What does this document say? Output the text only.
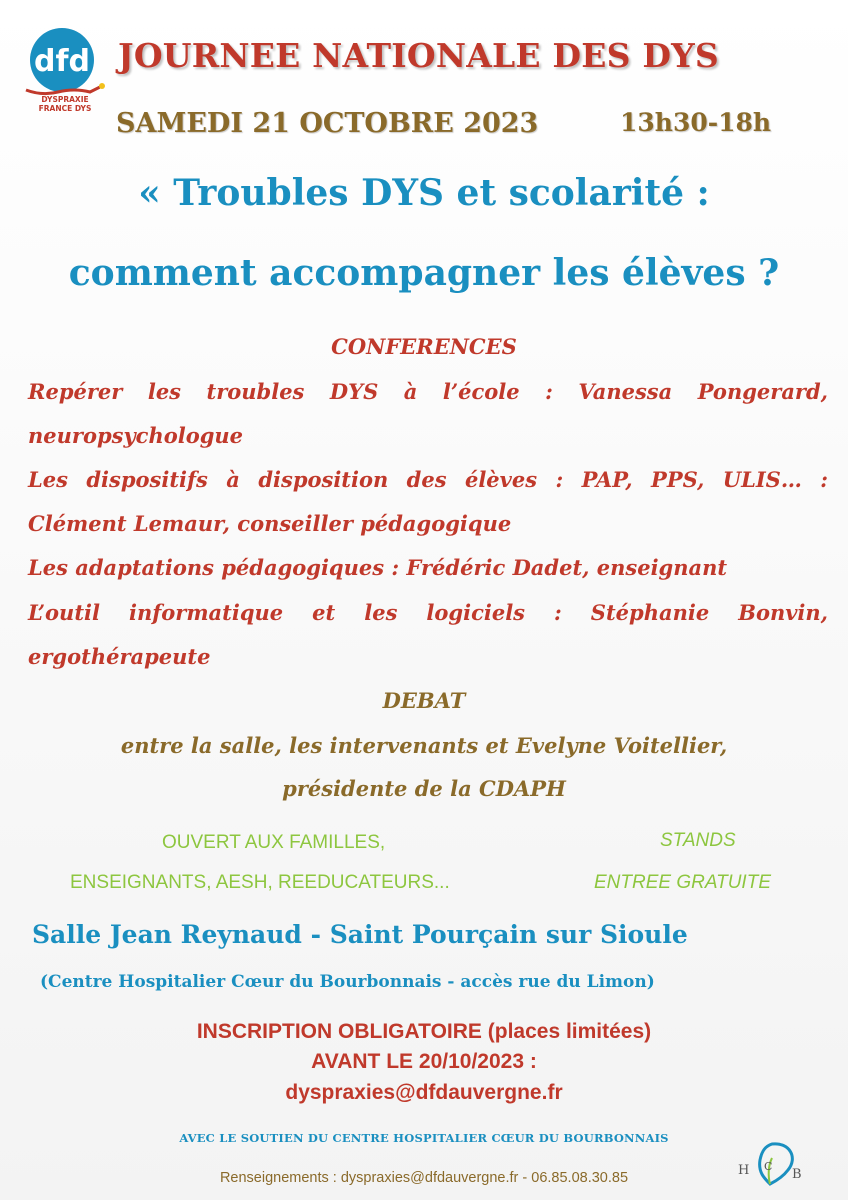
dfd
DYSPRAXIE
FRANCE DYS
JOURNEE NATIONALE DES DYS
SAMEDI 21 OCTOBRE 2023	13h30-18h
« Troubles DYS et scolarité :
comment accompagner les élèves ?
CONFERENCES
Repérer les troubles DYS à l’école : Vanessa Pongerard,
neuropsychologue
Les dispositifs à disposition des élèves : PAP, PPS, ULIS… :
Clément Lemaur, conseiller pédagogique
Les adaptations pédagogiques : Frédéric Dadet, enseignant
L’outil informatique et les logiciels : Stéphanie Bonvin,
ergothérapeute
DEBAT
entre la salle, les intervenants et Evelyne Voitellier,
présidente de la CDAPH
OUVERT AUX FAMILLES,
ENSEIGNANTS, AESH, REEDUCATEURS...
STANDS
ENTREE GRATUITE
Salle Jean Reynaud - Saint Pourçain sur Sioule
(Centre Hospitalier Cœur du Bourbonnais - accès rue du Limon)
INSCRIPTION OBLIGATOIRE (places limitées)
AVANT LE 20/10/2023 :
dyspraxies@dfdauvergne.fr
AVEC LE SOUTIEN DU CENTRE HOSPITALIER CŒUR DU BOURBONNAIS
Renseignements : dyspraxies@dfdauvergne.fr - 06.85.08.30.85	H C
B
